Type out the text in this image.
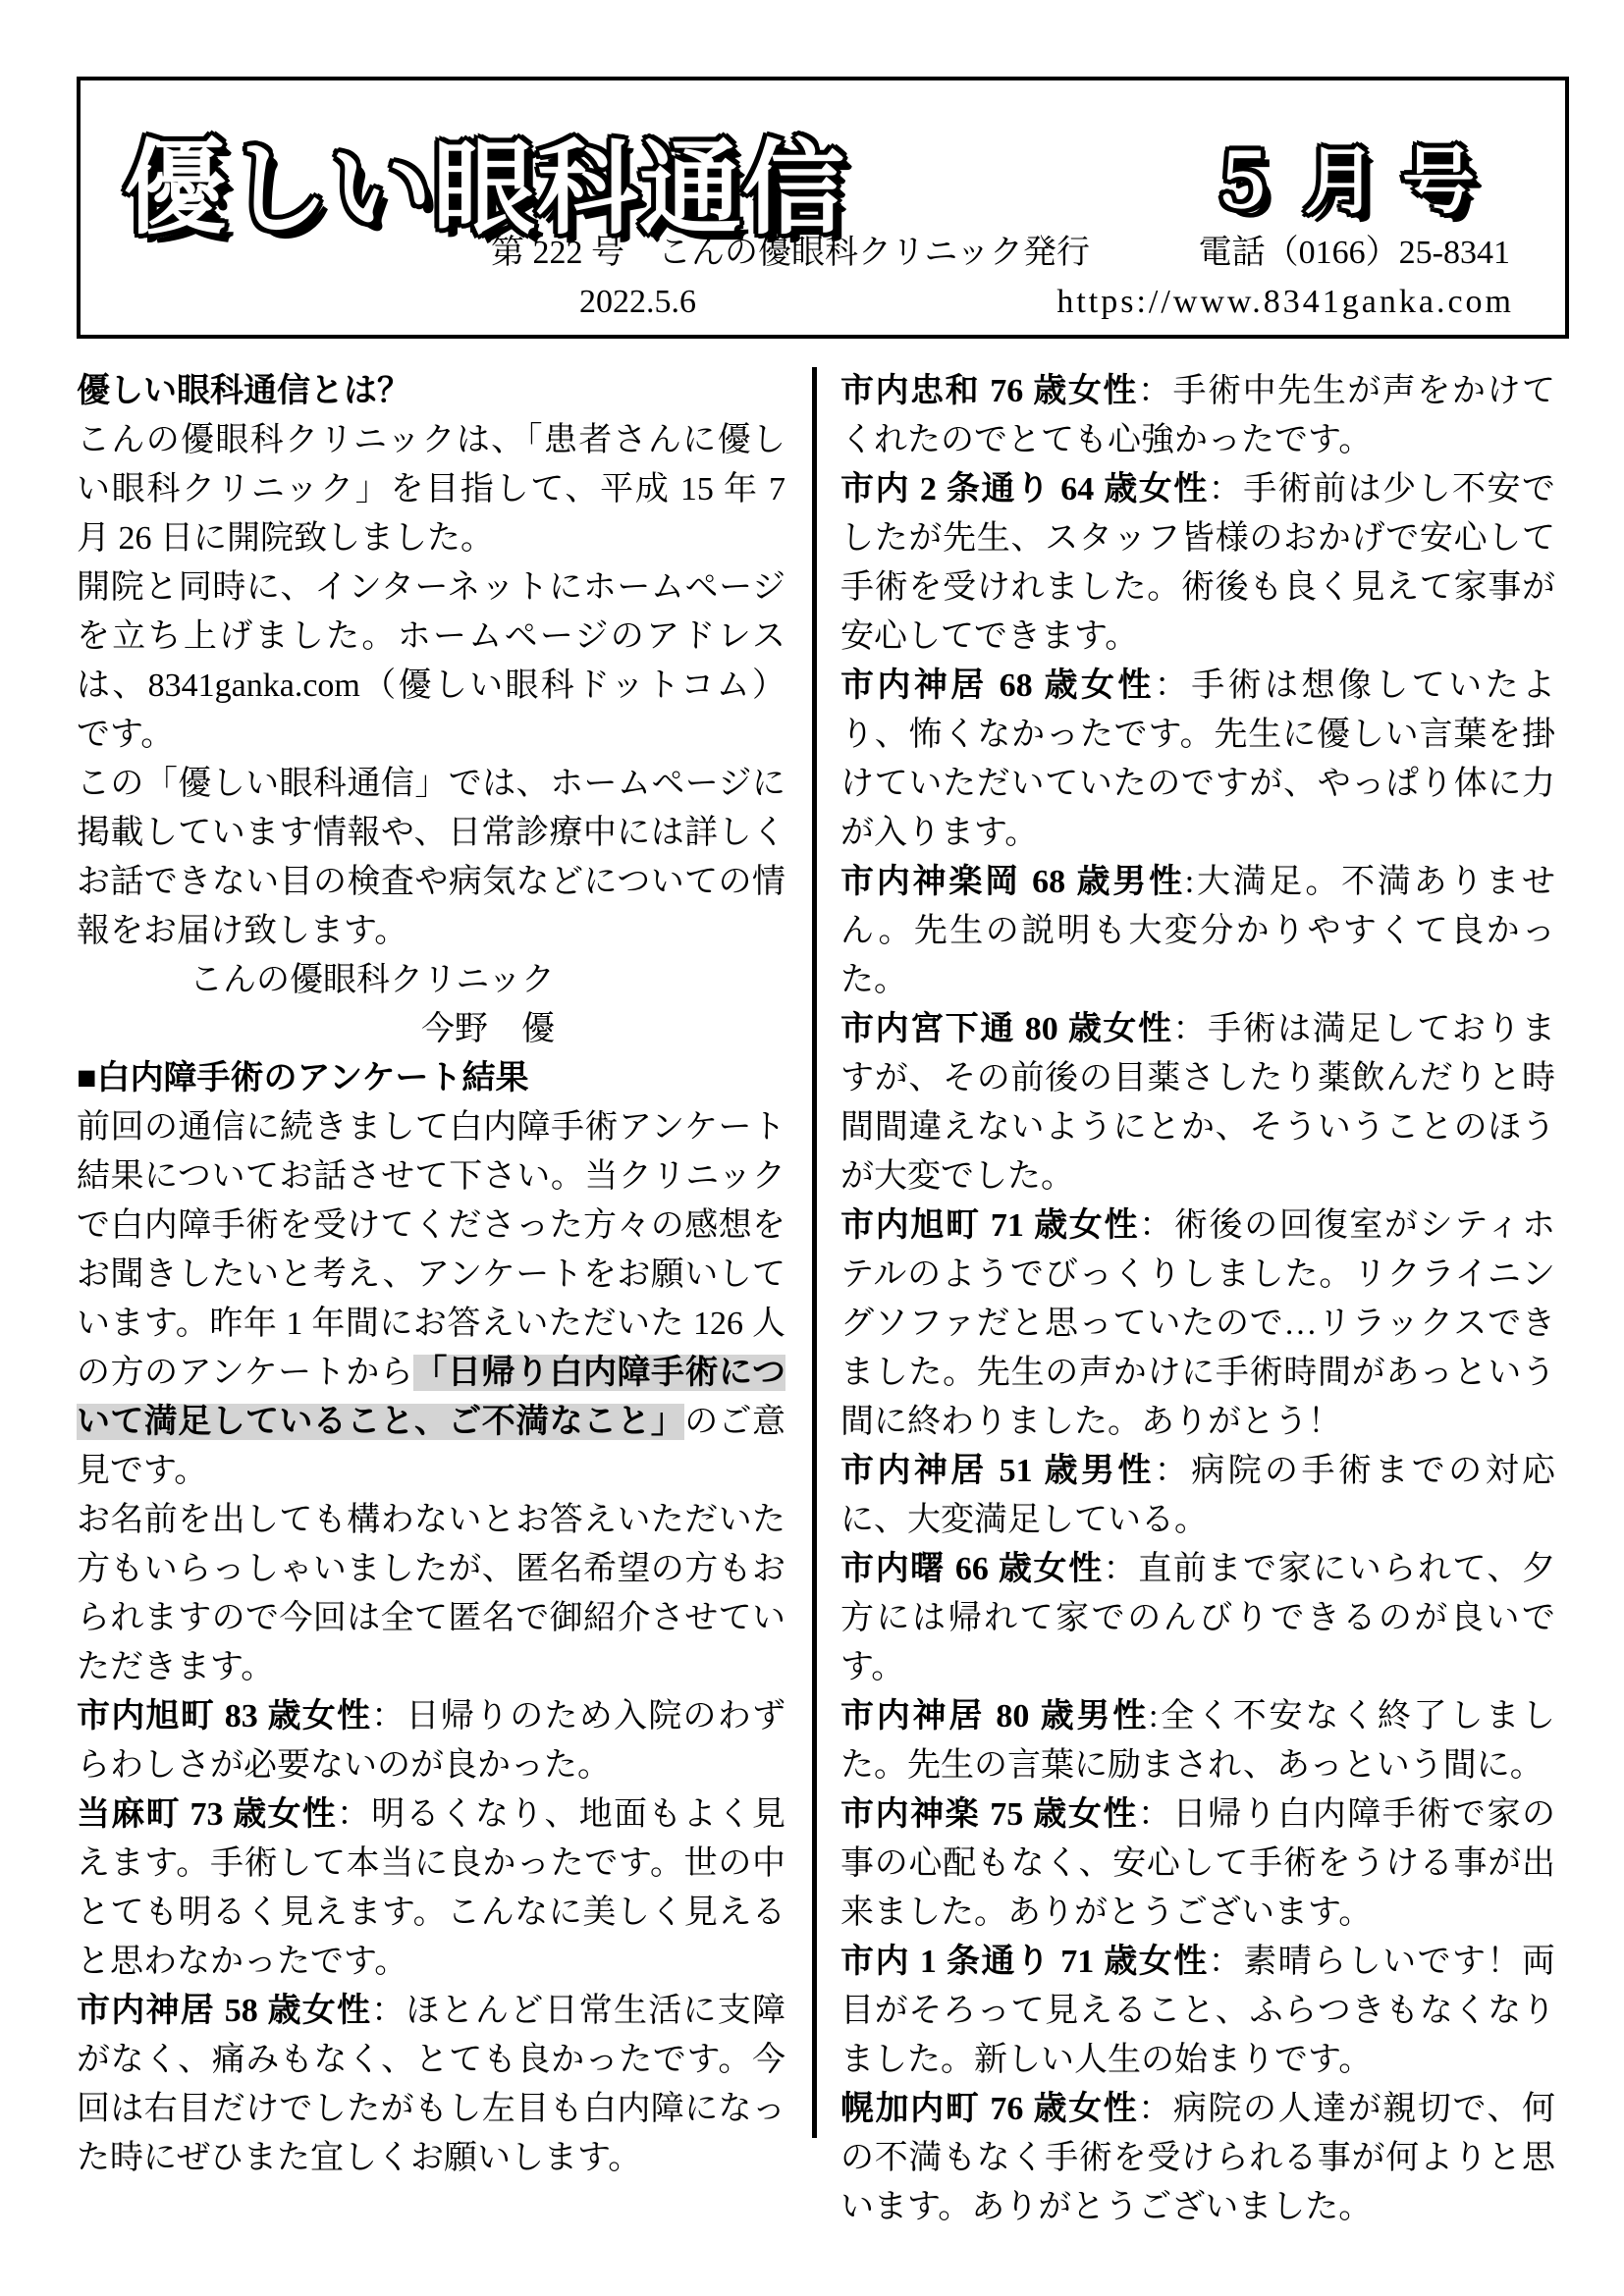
優しい眼科通信	５月号
第 222 号　こんの優眼科クリニック発行	電話（0166）25-8341
2022.5.6	https://www.8341ganka.com

優しい眼科通信とは？

こんの優眼科クリニックは、「患者さんに優しい眼科クリニック」を目指して、平成 15 年 7 月 26 日に開院致しました。

開院と同時に、インターネットにホームページを立ち上げました。ホームページのアドレスは、8341ganka.com（優しい眼科ドットコム）です。

この「優しい眼科通信」では、ホームページに掲載しています情報や、日常診療中には詳しくお話できない目の検査や病気などについての情報をお届け致します。

こんの優眼科クリニック

今野　優

■白内障手術のアンケート結果

前回の通信に続きまして白内障手術アンケート結果についてお話させて下さい。当クリニックで白内障手術を受けてくださった方々の感想をお聞きしたいと考え、アンケートをお願いしています。昨年 1 年間にお答えいただいた 126 人の方のアンケートから「日帰り白内障手術について満足していること、ご不満なこと」のご意見です。

お名前を出しても構わないとお答えいただいた方もいらっしゃいましたが、匿名希望の方もおられますので今回は全て匿名で御紹介させていただきます。

市内旭町 83 歳女性：日帰りのため入院のわずらわしさが必要ないのが良かった。

当麻町 73 歳女性：明るくなり、地面もよく見えます。手術して本当に良かったです。世の中とても明るく見えます。こんなに美しく見えると思わなかったです。

市内神居 58 歳女性：ほとんど日常生活に支障がなく、痛みもなく、とても良かったです。今回は右目だけでしたがもし左目も白内障になった時にぜひまた宜しくお願いします。

市内忠和 76 歳女性：手術中先生が声をかけてくれたのでとても心強かったです。

市内 2 条通り 64 歳女性：手術前は少し不安でしたが先生、スタッフ皆様のおかげで安心して手術を受けれました。術後も良く見えて家事が安心してできます。

市内神居 68 歳女性：手術は想像していたより、怖くなかったです。先生に優しい言葉を掛けていただいていたのですが、やっぱり体に力が入ります。

市内神楽岡 68 歳男性:大満足。不満ありません。先生の説明も大変分かりやすくて良かった。

市内宮下通 80 歳女性：手術は満足しておりますが、その前後の目薬さしたり薬飲んだりと時間間違えないようにとか、そういうことのほうが大変でした。

市内旭町 71 歳女性：術後の回復室がシティホテルのようでびっくりしました。リクライニングソファだと思っていたので…リラックスできました。先生の声かけに手術時間があっという間に終わりました。ありがとう！

市内神居 51 歳男性：病院の手術までの対応に、大変満足している。

市内曙 66 歳女性：直前まで家にいられて、夕方には帰れて家でのんびりできるのが良いです。

市内神居 80 歳男性:全く不安なく終了しました。先生の言葉に励まされ、あっという間に。

市内神楽 75 歳女性：日帰り白内障手術で家の事の心配もなく、安心して手術をうける事が出来ました。ありがとうございます。

市内 1 条通り 71 歳女性：素晴らしいです！両目がそろって見えること、ふらつきもなくなりました。新しい人生の始まりです。

幌加内町 76 歳女性：病院の人達が親切で、何の不満もなく手術を受けられる事が何よりと思います。ありがとうございました。
